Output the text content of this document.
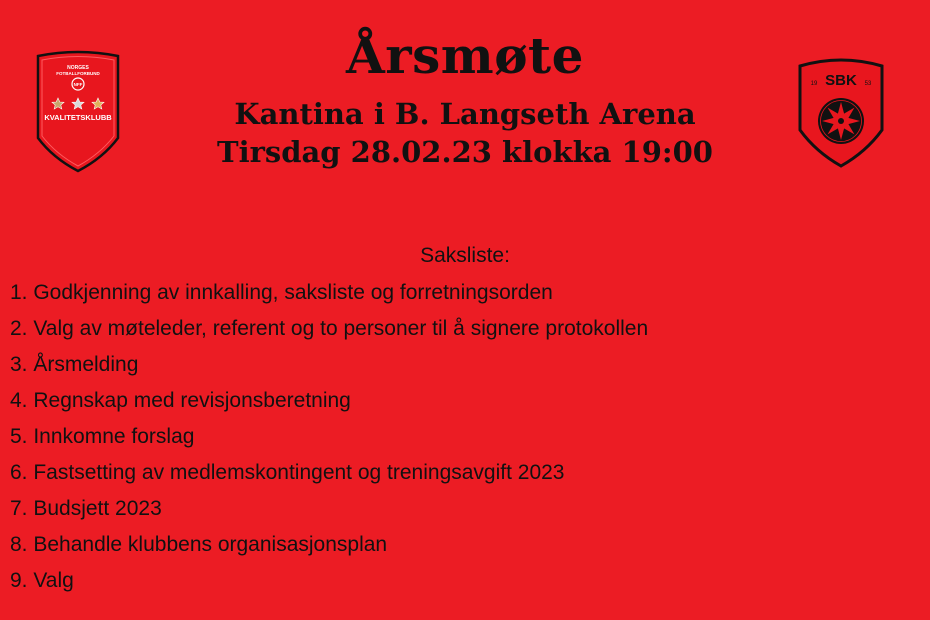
NORGES
FOTBALLFORBUND
NFF
KVALITETSKLUBB
19 SBK 53
Årsmøte
Kantina i B. Langseth Arena
Tirsdag 28.02.23 klokka 19:00
Saksliste:
1. Godkjenning av innkalling, saksliste og forretningsorden
2. Valg av møteleder, referent og to personer til å signere protokollen
3. Årsmelding
4. Regnskap med revisjonsberetning
5. Innkomne forslag
6. Fastsetting av medlemskontingent og treningsavgift 2023
7. Budsjett 2023
8. Behandle klubbens organisasjonsplan
9. Valg
